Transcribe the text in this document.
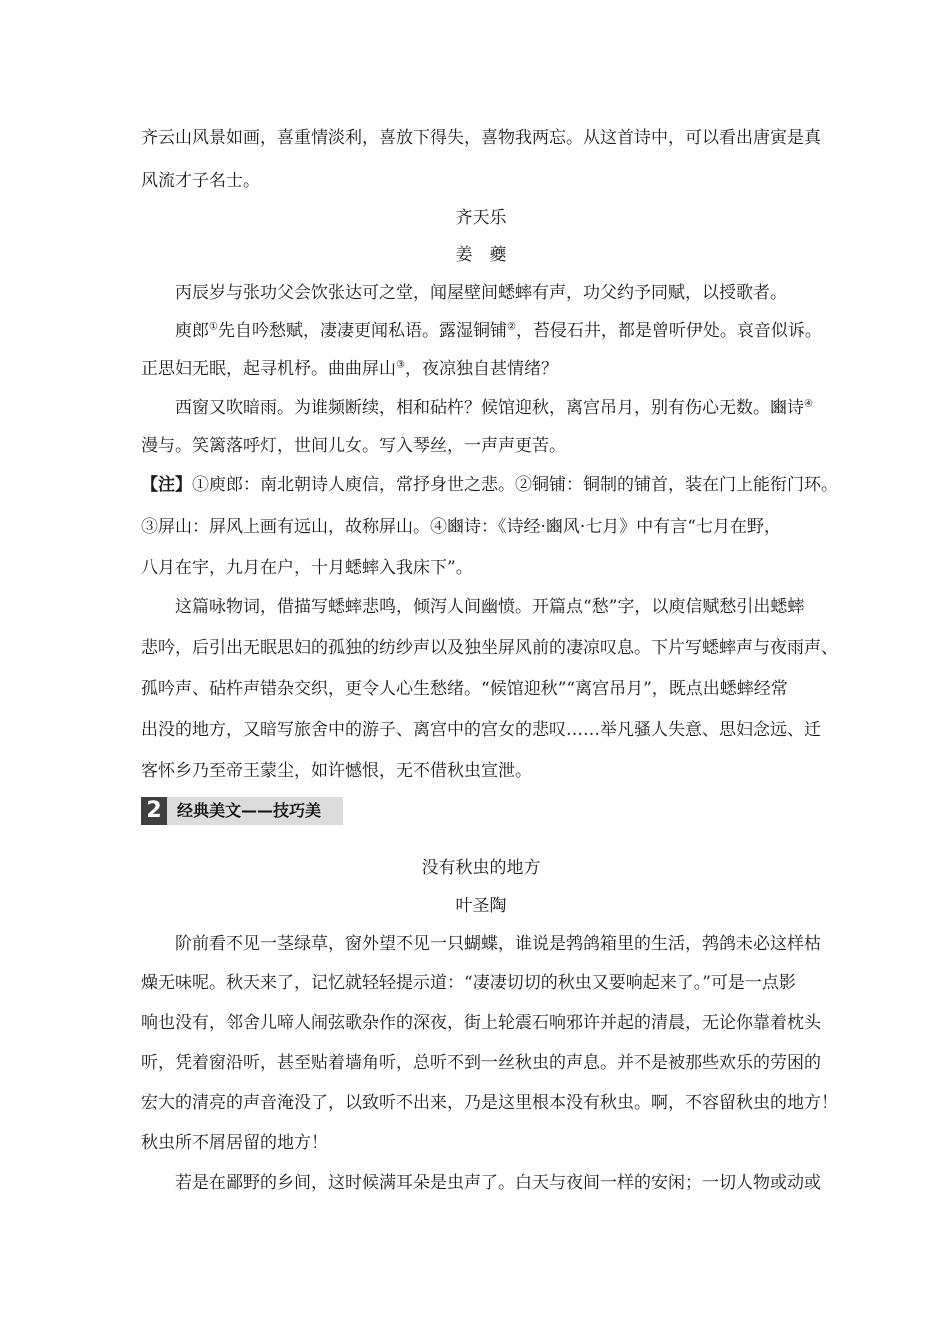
齐云山风景如画，喜重情淡利，喜放下得失，喜物我两忘。从这首诗中，可以看出唐寅是真
风流才子名士。
齐天乐
姜　夔
丙辰岁与张功父会饮张达可之堂，闻屋壁间蟋蟀有声，功父约予同赋，以授歌者。
庾郎①先自吟愁赋，凄凄更闻私语。露湿铜铺②，苔侵石井，都是曾听伊处。哀音似诉。
正思妇无眠，起寻机杼。曲曲屏山③，夜凉独自甚情绪？
西窗又吹暗雨。为谁频断续，相和砧杵？候馆迎秋，离宫吊月，别有伤心无数。豳诗④
漫与。笑篱落呼灯，世间儿女。写入琴丝，一声声更苦。
【注】①庾郎：南北朝诗人庾信，常抒身世之悲。②铜铺：铜制的铺首，装在门上能衔门环。
③屏山：屏风上画有远山，故称屏山。④豳诗：《诗经·豳风·七月》中有言“七月在野，
八月在宇，九月在户，十月蟋蟀入我床下”。
这篇咏物词，借描写蟋蟀悲鸣，倾泻人间幽愤。开篇点“愁”字，以庾信赋愁引出蟋蟀
悲吟，后引出无眠思妇的孤独的纺纱声以及独坐屏风前的凄凉叹息。下片写蟋蟀声与夜雨声、
孤吟声、砧杵声错杂交织，更令人心生愁绪。“候馆迎秋”“离宫吊月”，既点出蟋蟀经常
出没的地方，又暗写旅舍中的游子、离宫中的宫女的悲叹……举凡骚人失意、思妇念远、迁
客怀乡乃至帝王蒙尘，如许憾恨，无不借秋虫宣泄。
2 经典美文——技巧美
没有秋虫的地方
叶圣陶
阶前看不见一茎绿草，窗外望不见一只蝴蝶，谁说是鹁鸽箱里的生活，鹁鸽未必这样枯
燥无味呢。秋天来了，记忆就轻轻提示道：“凄凄切切的秋虫又要响起来了。”可是一点影
响也没有，邻舍儿啼人闹弦歌杂作的深夜，街上轮震石响邪许并起的清晨，无论你靠着枕头
听，凭着窗沿听，甚至贴着墙角听，总听不到一丝秋虫的声息。并不是被那些欢乐的劳困的
宏大的清亮的声音淹没了，以致听不出来，乃是这里根本没有秋虫。啊，不容留秋虫的地方！
秋虫所不屑居留的地方！
若是在鄙野的乡间，这时候满耳朵是虫声了。白天与夜间一样的安闲；一切人物或动或
